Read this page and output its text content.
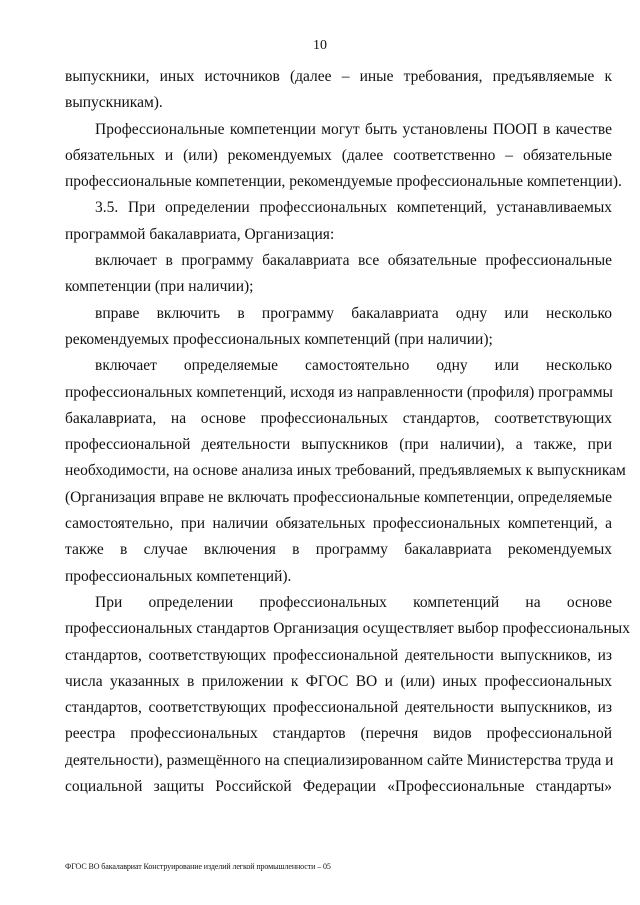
10
выпускники, иных источников (далее – иные требования, предъявляемые к
выпускникам).
Профессиональные компетенции могут быть установлены ПООП в качестве
обязательных и (или) рекомендуемых (далее соответственно – обязательные
профессиональные компетенции, рекомендуемые профессиональные компетенции).
3.5. При определении профессиональных компетенций, устанавливаемых
программой бакалавриата, Организация:
включает в программу бакалавриата все обязательные профессиональные
компетенции (при наличии);
вправе включить в программу бакалавриата одну или несколько
рекомендуемых профессиональных компетенций (при наличии);
включает определяемые самостоятельно одну или несколько
профессиональных компетенций, исходя из направленности (профиля) программы
бакалавриата, на основе профессиональных стандартов, соответствующих
профессиональной деятельности выпускников (при наличии), а также, при
необходимости, на основе анализа иных требований, предъявляемых к выпускникам
(Организация вправе не включать профессиональные компетенции, определяемые
самостоятельно, при наличии обязательных профессиональных компетенций, а
также в случае включения в программу бакалавриата рекомендуемых
профессиональных компетенций).
При определении профессиональных компетенций на основе
профессиональных стандартов Организация осуществляет выбор профессиональных
стандартов, соответствующих профессиональной деятельности выпускников, из
числа указанных в приложении к ФГОС ВО и (или) иных профессиональных
стандартов, соответствующих профессиональной деятельности выпускников, из
реестра профессиональных стандартов (перечня видов профессиональной
деятельности), размещённого на специализированном сайте Министерства труда и
социальной защиты Российской Федерации «Профессиональные стандарты»
ФГОС ВО бакалавриат Конструирование изделий легкой промышленности – 05
